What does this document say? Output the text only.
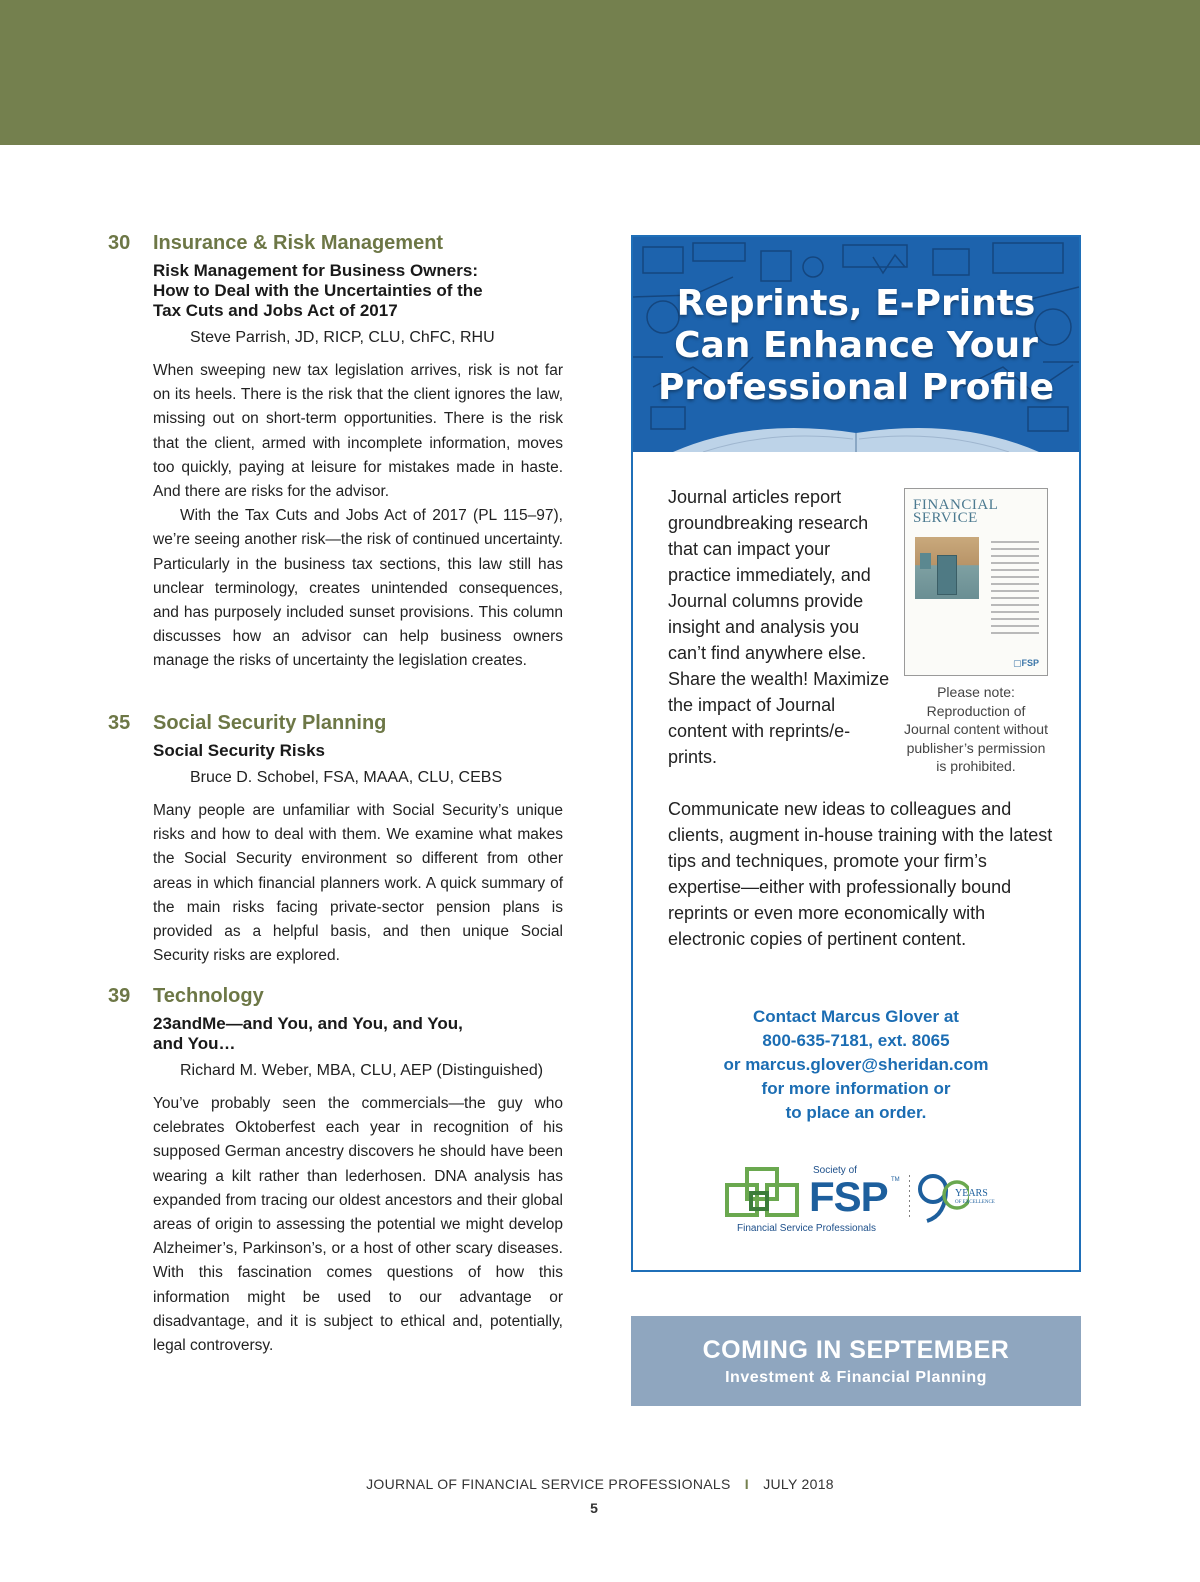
30	Insurance & Risk Management
Risk Management for Business Owners:
How to Deal with the Uncertainties of the
Tax Cuts and Jobs Act of 2017
Steve Parrish, JD, RICP, CLU, ChFC, RHU

When sweeping new tax legislation arrives, risk is not far on its heels. There is the risk that the client ignores the law, missing out on short-term opportunities. There is the risk that the client, armed with incomplete information, moves too quickly, paying at leisure for mistakes made in haste. And there are risks for the advisor.

With the Tax Cuts and Jobs Act of 2017 (PL 115–97), we’re seeing another risk—the risk of continued uncertainty. Particularly in the business tax sections, this law still has unclear terminology, creates unintended consequences, and has purposely included sunset provisions. This column discusses how an advisor can help business owners manage the risks of uncertainty the legislation creates.

35	Social Security Planning
Social Security Risks
Bruce D. Schobel, FSA, MAAA, CLU, CEBS

Many people are unfamiliar with Social Security’s unique risks and how to deal with them. We examine what makes the Social Security environment so different from other areas in which financial planners work. A quick summary of the main risks facing private-sector pension plans is provided as a helpful basis, and then unique Social Security risks are explored.

39	Technology
23andMe—and You, and You, and You,
and You…
Richard M. Weber, MBA, CLU, AEP (Distinguished)

You’ve probably seen the commercials—the guy who celebrates Oktoberfest each year in recognition of his supposed German ancestry discovers he should have been wearing a kilt rather than lederhosen. DNA analysis has expanded from tracing our oldest ancestors and their global areas of origin to assessing the potential we might develop Alzheimer’s, Parkinson’s, or a host of other scary diseases. With this fascination comes questions of how this information might be used to our advantage or disadvantage, and it is subject to ethical and, potentially, legal controversy.

Reprints, E-Prints
Can Enhance Your
Professional Profile
Journal articles report groundbreaking research that can impact your practice immediately, and Journal columns provide insight and analysis you can’t find anywhere else. Share the wealth! Maximize the impact of Journal content with reprints/e-prints.
FINANCIAL
SERVICE
▢FSP
Please note: Reproduction of Journal content without publisher’s permission is prohibited.
Communicate new ideas to colleagues and clients, augment in-house training with the latest tips and techniques, promote your firm’s expertise—either with professionally bound reprints or even more economically with electronic copies of pertinent content.
Contact Marcus Glover at
800-635-7181, ext. 8065
or marcus.glover@sheridan.com
for more information or
to place an order.
Society of
FSP TM
Financial Service Professionals
YEARS
OF EXCELLENCE
COMING IN SEPTEMBER
Investment & Financial Planning
JOURNAL OF FINANCIAL SERVICE PROFESSIONALS I JULY 2018
5
